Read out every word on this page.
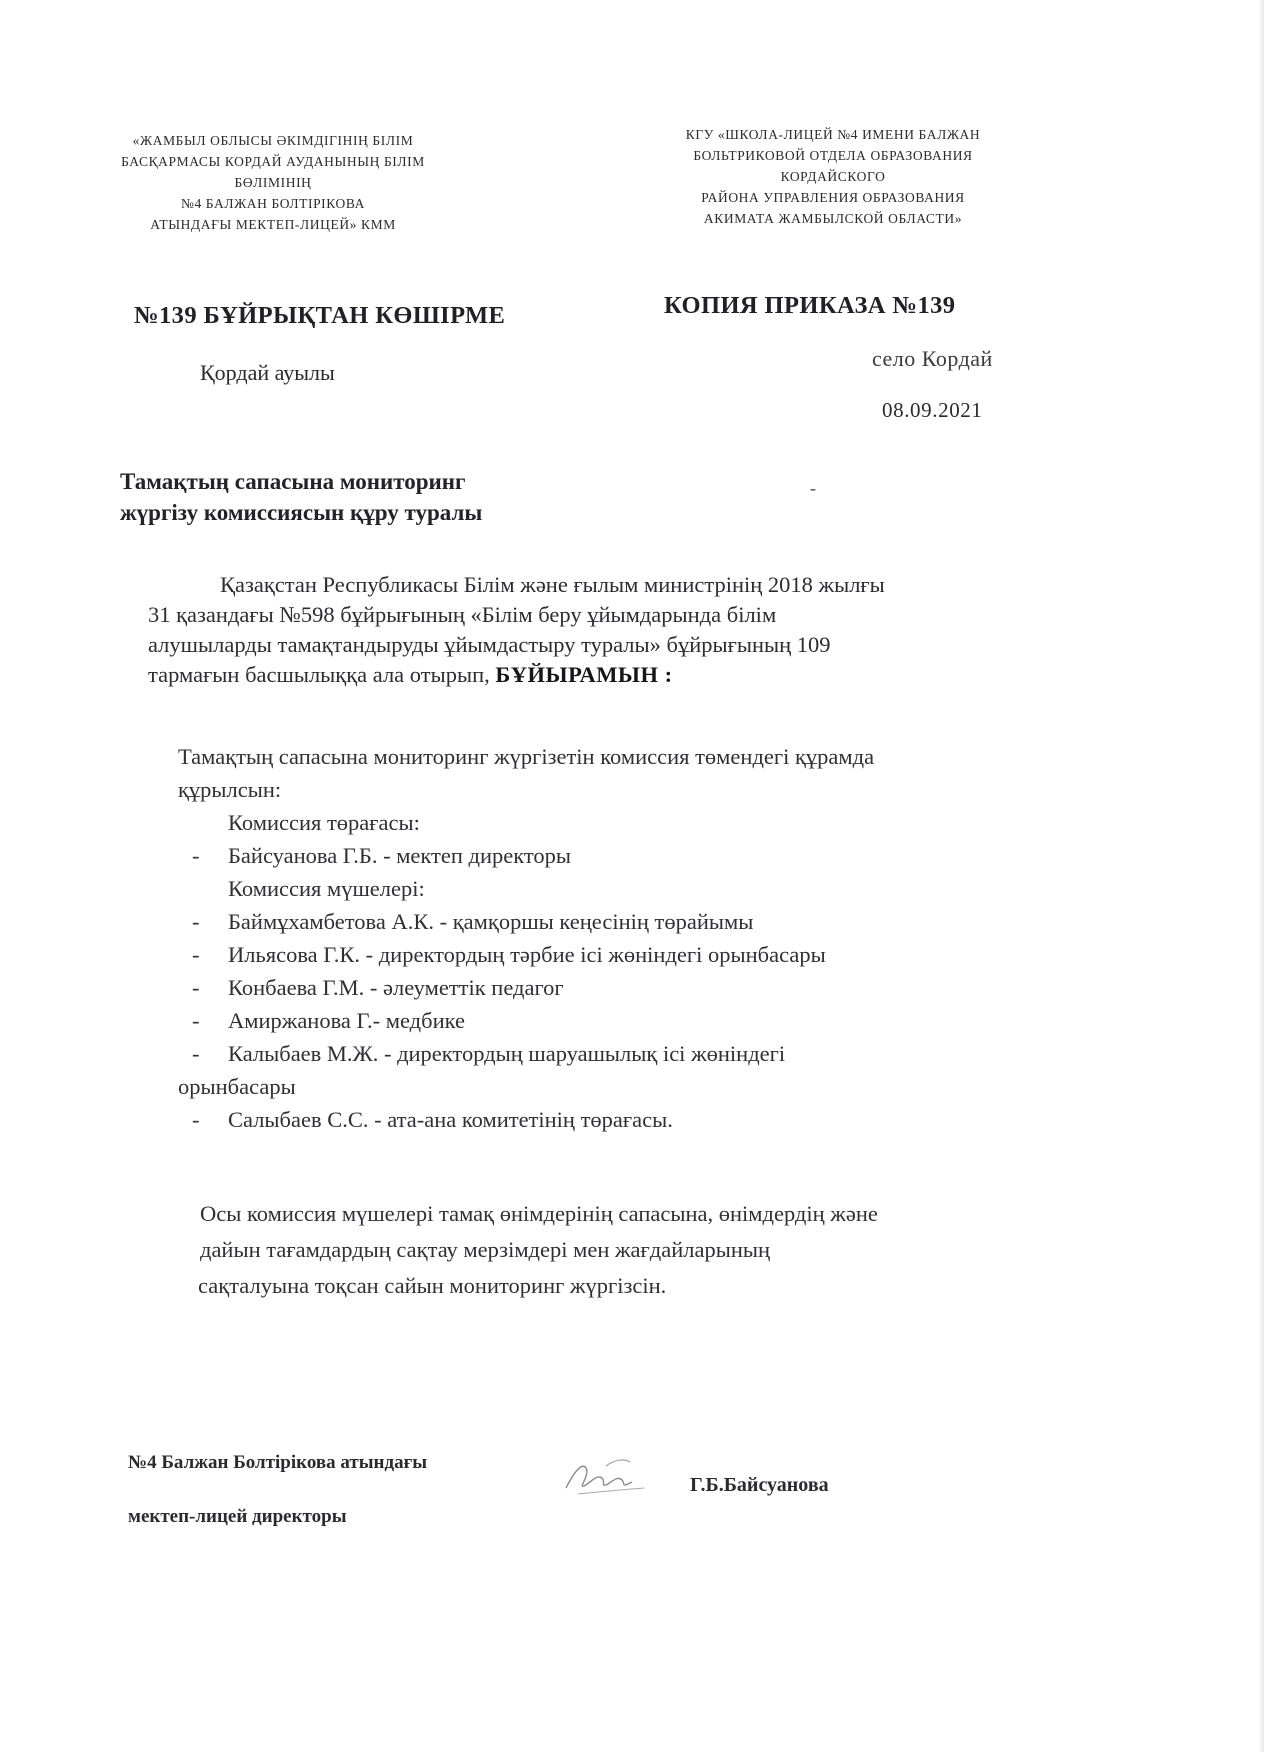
«ЖАМБЫЛ ОБЛЫСЫ ӘКІМДІГІНІҢ БІЛІМ
БАСҚАРМАСЫ КОРДАЙ АУДАНЫНЫҢ БІЛІМ
БӨЛІМІНІҢ
№4 БАЛЖАН БОЛТІРІКОВА
АТЫНДАҒЫ МЕКТЕП-ЛИЦЕЙ» КММ
КГУ «ШКОЛА-ЛИЦЕЙ №4 ИМЕНИ БАЛЖАН
БОЛЬТРИКОВОЙ ОТДЕЛА ОБРАЗОВАНИЯ
КОРДАЙСКОГО
РАЙОНА УПРАВЛЕНИЯ ОБРАЗОВАНИЯ
АКИМАТА ЖАМБЫЛСКОЙ ОБЛАСТИ»
№139 БҰЙРЫҚТАН КӨШІРМЕ	КОПИЯ ПРИКАЗА №139
Қордай ауылы
село Кордай
08.09.2021
Тамақтың сапасына мониторинг
жүргізу комиссиясын құру туралы
-
Қазақстан Республикасы Білім және ғылым министрінің 2018 жылғы
31 қазандағы №598 бұйрығының «Білім беру ұйымдарында білім
алушыларды тамақтандыруды ұйымдастыру туралы» бұйрығының 109
тармағын басшылыққа ала отырып, БҰЙЫРАМЫН :
Тамақтың сапасына мониторинг жүргізетін комиссия төмендегі құрамда
құрылсын:
Комиссия төрағасы:
-	Байсуанова Г.Б. - мектеп директоры
Комиссия мүшелері:
-	Баймұхамбетова А.К. - қамқоршы кеңесінің төрайымы
-	Ильясова Г.К. - директордың тәрбие ісі жөніндегі орынбасары
-	Конбаева Г.М. - әлеуметтік педагог
-	Амиржанова Г.- медбике
-	Калыбаев М.Ж. - директордың шаруашылық ісі жөніндегі
орынбасары
-	Салыбаев С.С. - ата-ана комитетінің төрағасы.
Осы комиссия мүшелері тамақ өнімдерінің сапасына, өнімдердің және
дайын тағамдардың сақтау мерзімдері мен жағдайларының
сақталуына тоқсан сайын мониторинг жүргізсін.
№4 Балжан Болтірікова атындағы
мектеп-лицей директоры
Г.Б.Байсуанова
